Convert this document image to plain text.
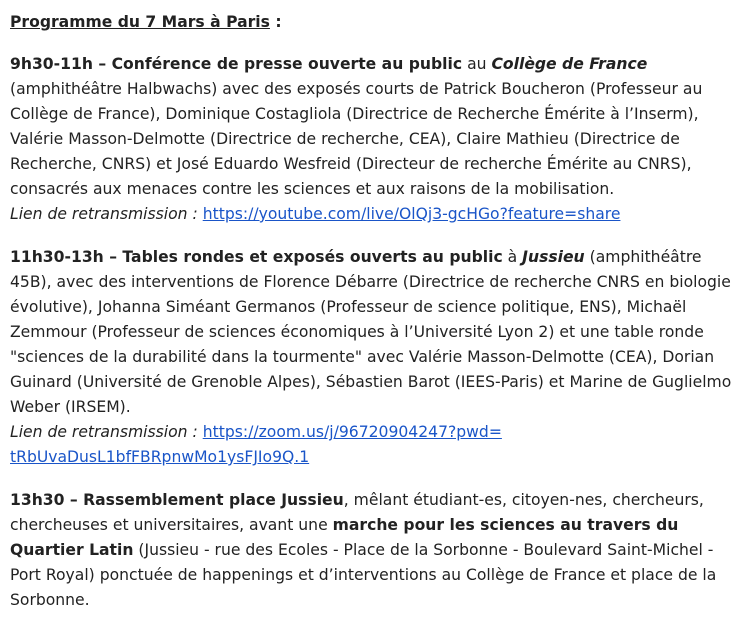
Programme du 7 Mars à Paris :

9h30-11h – Conférence de presse ouverte au public au Collège de France (amphithéâtre Halbwachs) avec des exposés courts de Patrick Boucheron (Professeur au Collège de France), Dominique Costagliola (Directrice de Recherche Émérite à l’Inserm), Valérie Masson-Delmotte (Directrice de recherche, CEA), Claire Mathieu (Directrice de Recherche, CNRS) et José Eduardo Wesfreid (Directeur de recherche Émérite au CNRS), consacrés aux menaces contre les sciences et aux raisons de la mobilisation.
Lien de retransmission : https://youtube.com/live/OlQj3-gcHGo?feature=share

11h30-13h – Tables rondes et exposés ouverts au public à Jussieu (amphithéâtre 45B), avec des interventions de Florence Débarre (Directrice de recherche CNRS en biologie évolutive), Johanna Siméant Germanos (Professeur de science politique, ENS), Michaël Zemmour (Professeur de sciences économiques à l’Université Lyon 2) et une table ronde "sciences de la durabilité dans la tourmente" avec Valérie Masson-Delmotte (CEA), Dorian Guinard (Université de Grenoble Alpes), Sébastien Barot (IEES-Paris) et Marine de Guglielmo Weber (IRSEM).
Lien de retransmission : https://zoom.us/j/96720904247?pwd=
tRbUvaDusL1bfFBRpnwMo1ysFJIo9Q.1

13h30 – Rassemblement place Jussieu, mêlant étudiant-es, citoyen-nes, chercheurs, chercheuses et universitaires, avant une marche pour les sciences au travers du Quartier Latin (Jussieu - rue des Ecoles - Place de la Sorbonne - Boulevard Saint-Michel - Port Royal) ponctuée de happenings et d’interventions au Collège de France et place de la Sorbonne.
